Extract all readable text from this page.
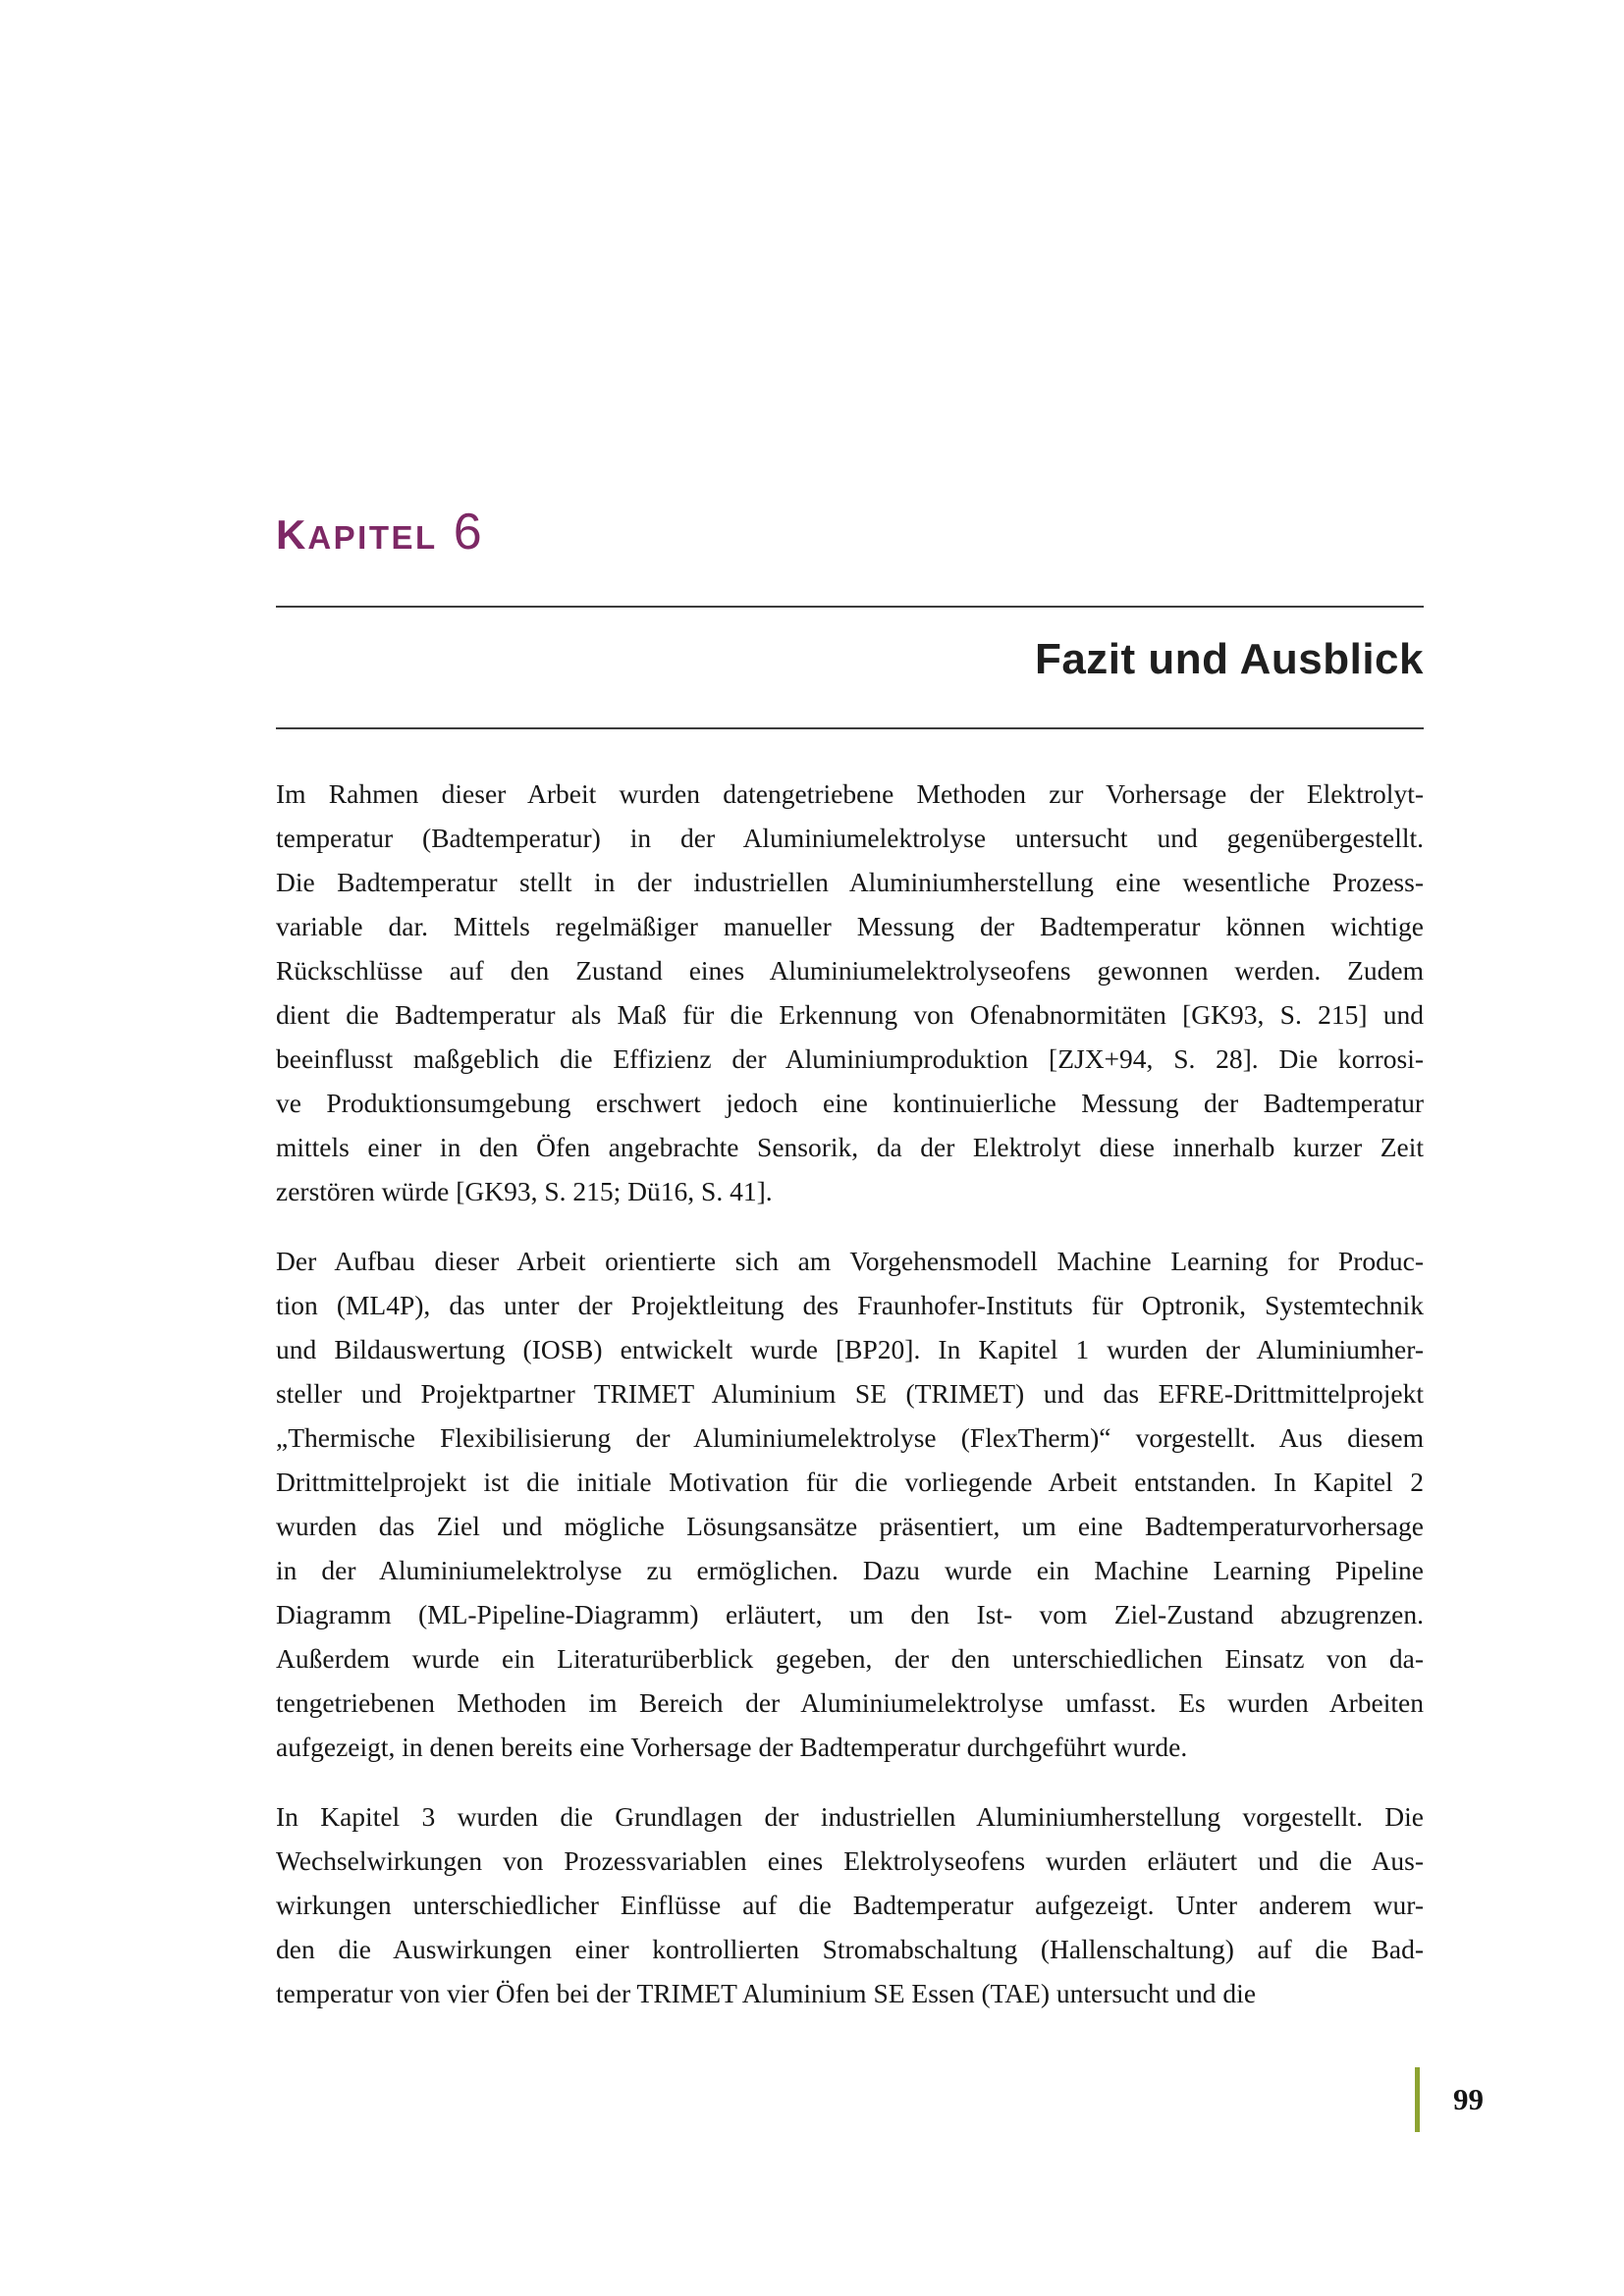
KAPITEL 6
Fazit und Ausblick

Im Rahmen dieser Arbeit wurden datengetriebene Methoden zur Vorhersage der Elektrolyt-
temperatur (Badtemperatur) in der Aluminiumelektrolyse untersucht und gegenübergestellt.
Die Badtemperatur stellt in der industriellen Aluminiumherstellung eine wesentliche Prozess-
variable dar. Mittels regelmäßiger manueller Messung der Badtemperatur können wichtige
Rückschlüsse auf den Zustand eines Aluminiumelektrolyseofens gewonnen werden. Zudem
dient die Badtemperatur als Maß für die Erkennung von Ofenabnormitäten [GK93, S. 215] und
beeinflusst maßgeblich die Effizienz der Aluminiumproduktion [ZJX+94, S. 28]. Die korrosi-
ve Produktionsumgebung erschwert jedoch eine kontinuierliche Messung der Badtemperatur
mittels einer in den Öfen angebrachte Sensorik, da der Elektrolyt diese innerhalb kurzer Zeit
zerstören würde [GK93, S. 215; Dü16, S. 41].

Der Aufbau dieser Arbeit orientierte sich am Vorgehensmodell Machine Learning for Produc-
tion (ML4P), das unter der Projektleitung des Fraunhofer-Instituts für Optronik, Systemtechnik
und Bildauswertung (IOSB) entwickelt wurde [BP20]. In Kapitel 1 wurden der Aluminiumher-
steller und Projektpartner TRIMET Aluminium SE (TRIMET) und das EFRE-Drittmittelprojekt
„Thermische Flexibilisierung der Aluminiumelektrolyse (FlexTherm)“ vorgestellt. Aus diesem
Drittmittelprojekt ist die initiale Motivation für die vorliegende Arbeit entstanden. In Kapitel 2
wurden das Ziel und mögliche Lösungsansätze präsentiert, um eine Badtemperaturvorhersage
in der Aluminiumelektrolyse zu ermöglichen. Dazu wurde ein Machine Learning Pipeline
Diagramm (ML-Pipeline-Diagramm) erläutert, um den Ist- vom Ziel-Zustand abzugrenzen.
Außerdem wurde ein Literaturüberblick gegeben, der den unterschiedlichen Einsatz von da-
tengetriebenen Methoden im Bereich der Aluminiumelektrolyse umfasst. Es wurden Arbeiten
aufgezeigt, in denen bereits eine Vorhersage der Badtemperatur durchgeführt wurde.

In Kapitel 3 wurden die Grundlagen der industriellen Aluminiumherstellung vorgestellt. Die
Wechselwirkungen von Prozessvariablen eines Elektrolyseofens wurden erläutert und die Aus-
wirkungen unterschiedlicher Einflüsse auf die Badtemperatur aufgezeigt. Unter anderem wur-
den die Auswirkungen einer kontrollierten Stromabschaltung (Hallenschaltung) auf die Bad-
temperatur von vier Öfen bei der TRIMET Aluminium SE Essen (TAE) untersucht und die

99
